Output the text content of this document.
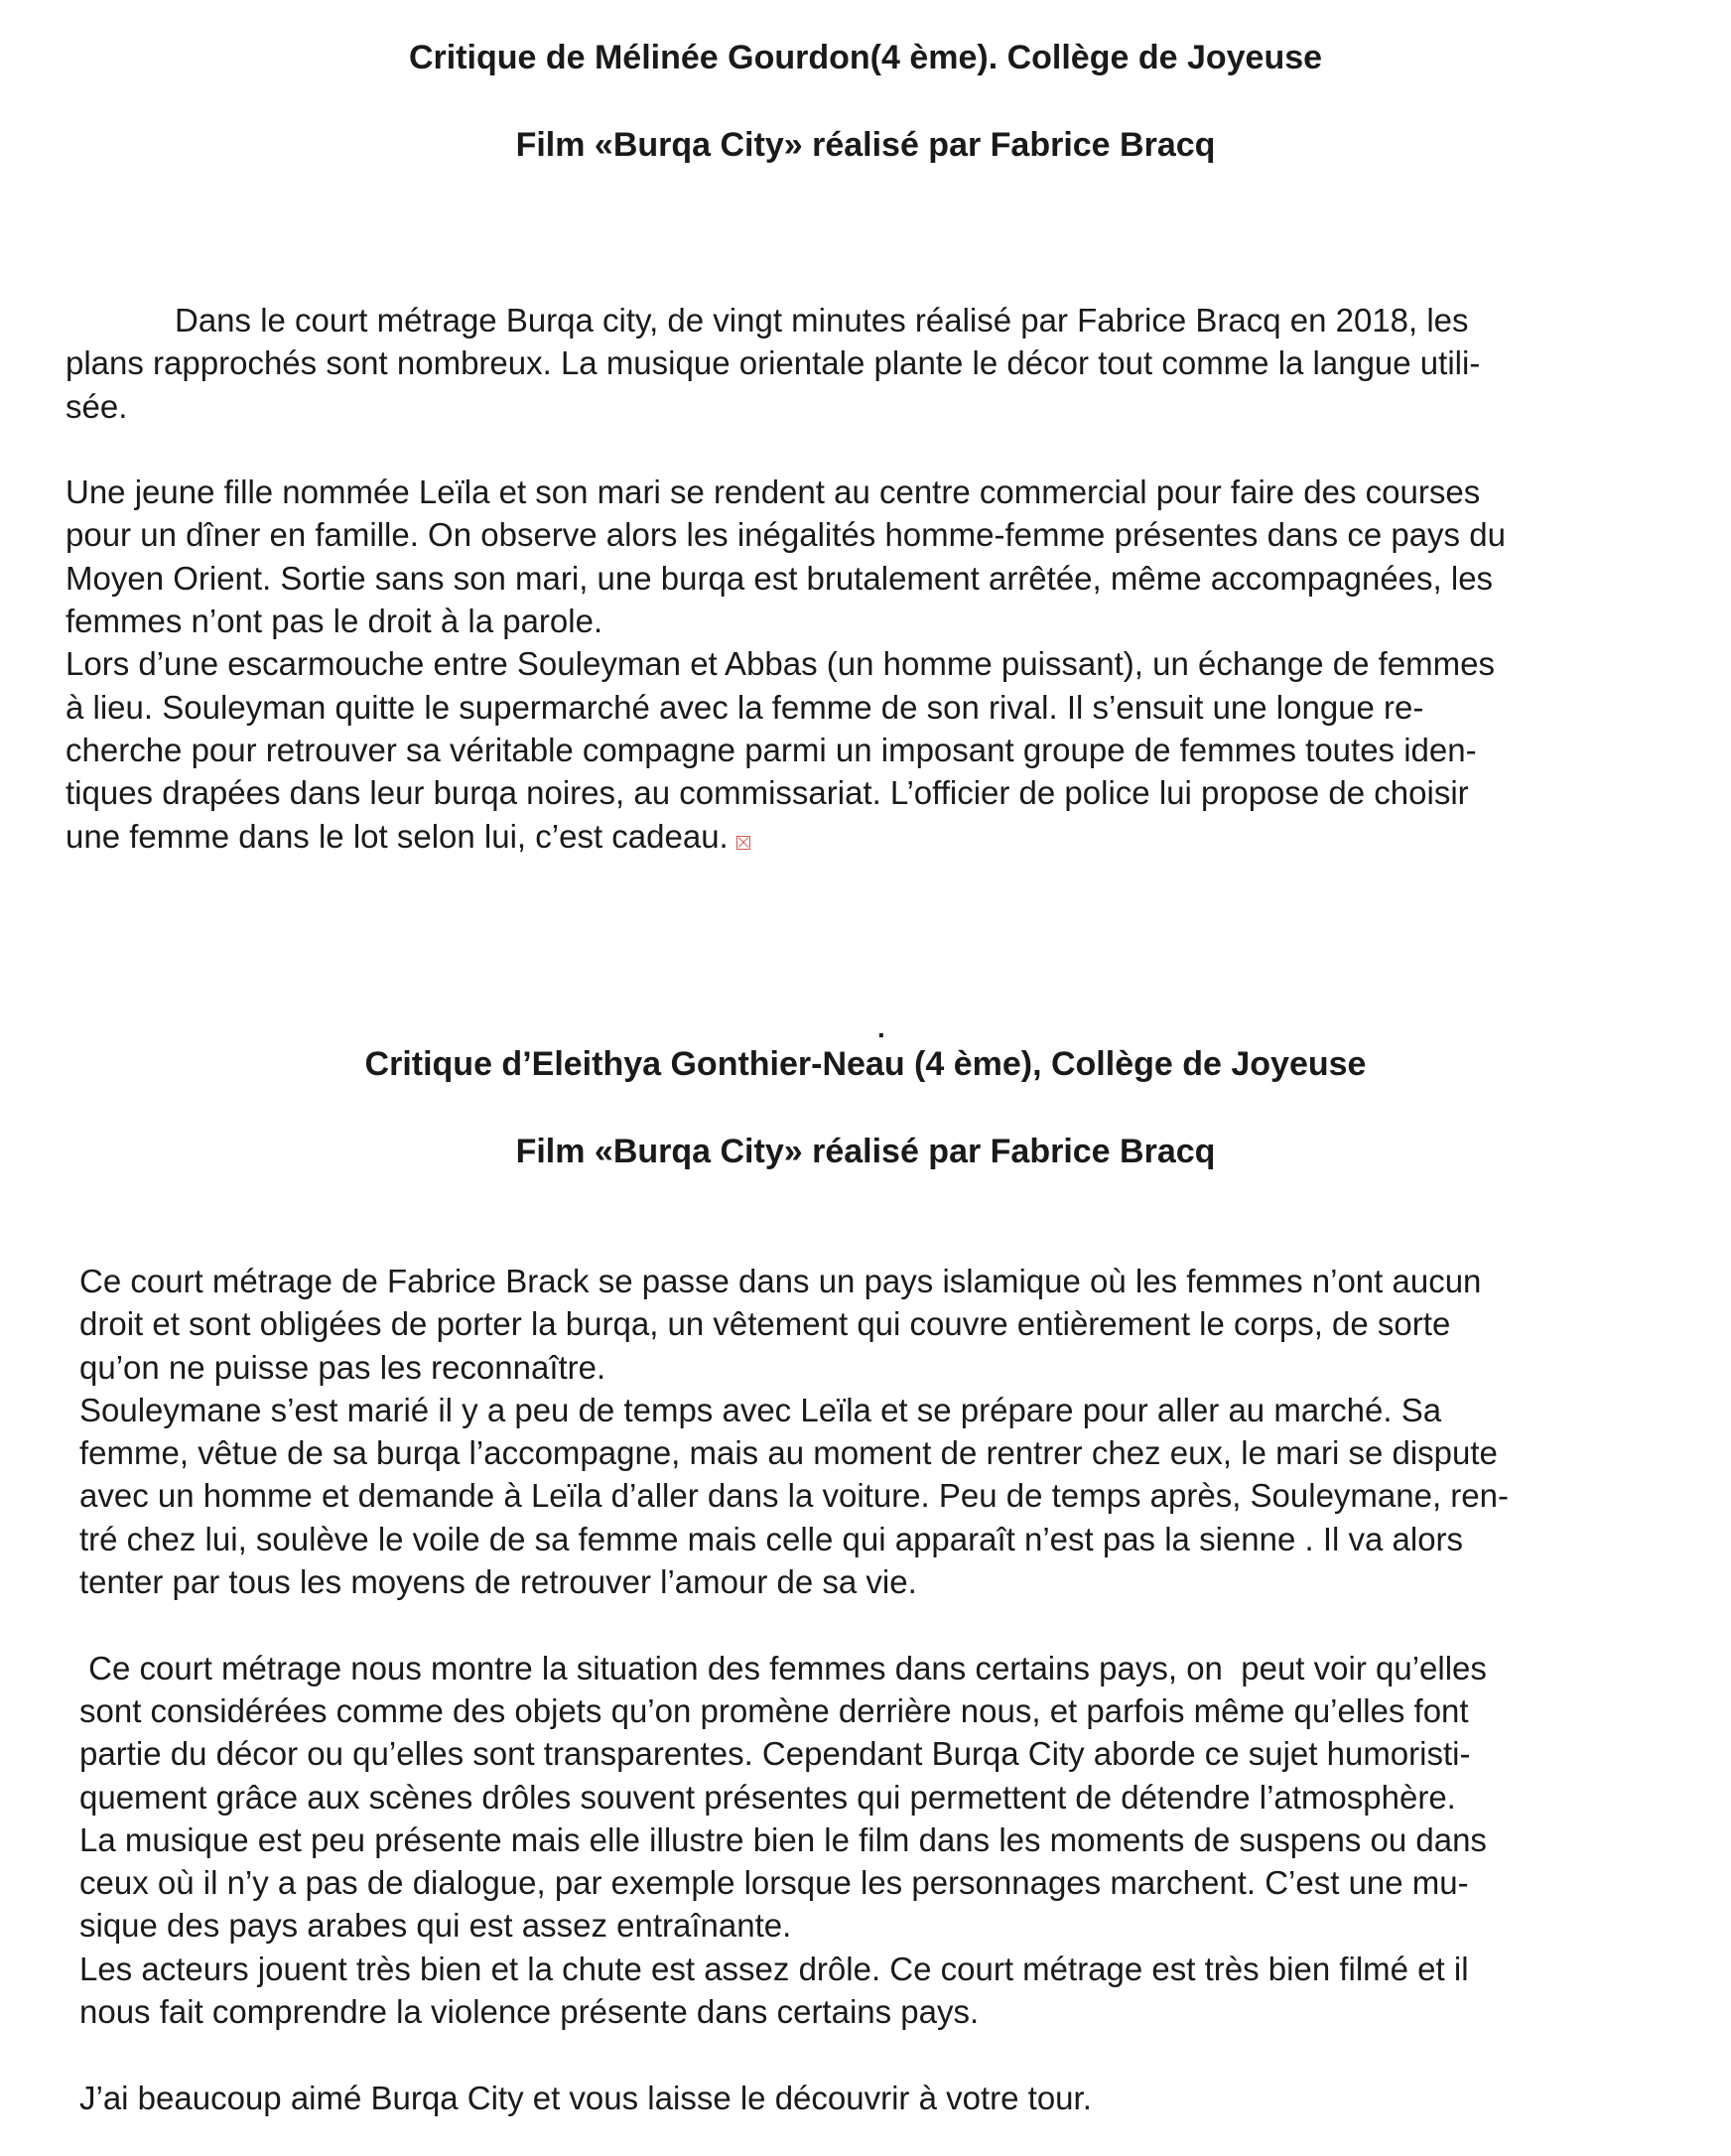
Critique de Mélinée Gourdon(4 ème). Collège de Joyeuse
Film «Burqa City» réalisé par Fabrice Bracq
Dans le court métrage Burqa city, de vingt minutes réalisé par Fabrice Bracq en 2018, les
plans rapprochés sont nombreux. La musique orientale plante le décor tout comme la langue utili-
sée.
Une jeune fille nommée Leïla et son mari se rendent au centre commercial pour faire des courses
pour un dîner en famille. On observe alors les inégalités homme-femme présentes dans ce pays du
Moyen Orient. Sortie sans son mari, une burqa est brutalement arrêtée, même accompagnées, les
femmes n’ont pas le droit à la parole.
Lors d’une escarmouche entre Souleyman et Abbas (un homme puissant), un échange de femmes
à lieu. Souleyman quitte le supermarché avec la femme de son rival. Il s’ensuit une longue re-
cherche pour retrouver sa véritable compagne parmi un imposant groupe de femmes toutes iden-
tiques drapées dans leur burqa noires, au commissariat. L’officier de police lui propose de choisir
une femme dans le lot selon lui, c’est cadeau.
.
Critique d’Eleithya Gonthier-Neau (4 ème), Collège de Joyeuse
Film «Burqa City» réalisé par Fabrice Bracq
Ce court métrage de Fabrice Brack se passe dans un pays islamique où les femmes n’ont aucun
droit et sont obligées de porter la burqa, un vêtement qui couvre entièrement le corps, de sorte
qu’on ne puisse pas les reconnaître.
Souleymane s’est marié il y a peu de temps avec Leïla et se prépare pour aller au marché. Sa
femme, vêtue de sa burqa l’accompagne, mais au moment de rentrer chez eux, le mari se dispute
avec un homme et demande à Leïla d’aller dans la voiture. Peu de temps après, Souleymane, ren-
tré chez lui, soulève le voile de sa femme mais celle qui apparaît n’est pas la sienne . Il va alors
tenter par tous les moyens de retrouver l’amour de sa vie.
Ce court métrage nous montre la situation des femmes dans certains pays, on  peut voir qu’elles
sont considérées comme des objets qu’on promène derrière nous, et parfois même qu’elles font
partie du décor ou qu’elles sont transparentes. Cependant Burqa City aborde ce sujet humoristi-
quement grâce aux scènes drôles souvent présentes qui permettent de détendre l’atmosphère.
La musique est peu présente mais elle illustre bien le film dans les moments de suspens ou dans
ceux où il n’y a pas de dialogue, par exemple lorsque les personnages marchent. C’est une mu-
sique des pays arabes qui est assez entraînante.
Les acteurs jouent très bien et la chute est assez drôle. Ce court métrage est très bien filmé et il
nous fait comprendre la violence présente dans certains pays.
J’ai beaucoup aimé Burqa City et vous laisse le découvrir à votre tour.
